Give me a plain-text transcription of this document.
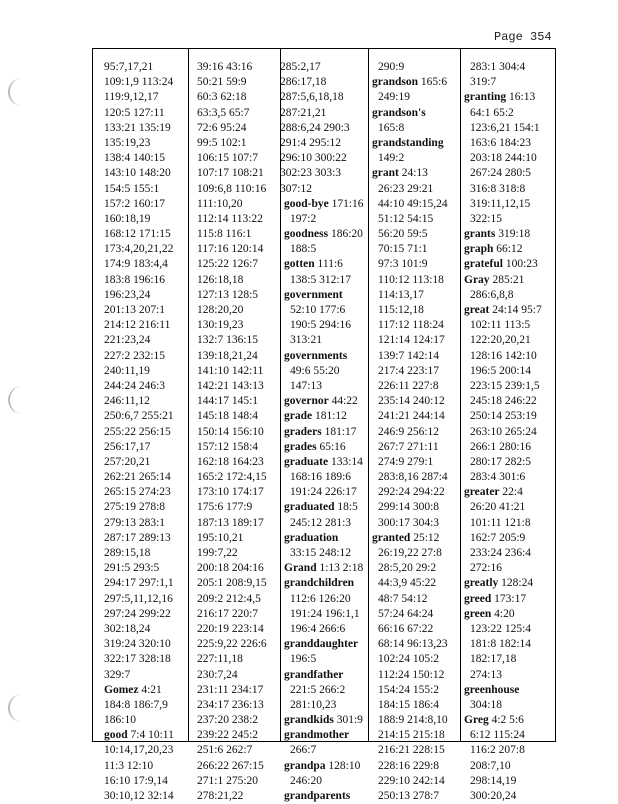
Page 354
95:7,17,21
109:1,9 113:24
119:9,12,17
120:5 127:11
133:21 135:19
135:19,23
138:4 140:15
143:10 148:20
154:5 155:1
157:2 160:17
160:18,19
168:12 171:15
173:4,20,21,22
174:9 183:4,4
183:8 196:16
196:23,24
201:13 207:1
214:12 216:11
221:23,24
227:2 232:15
240:11,19
244:24 246:3
246:11,12
250:6,7 255:21
255:22 256:15
256:17,17
257:20,21
262:21 265:14
265:15 274:23
275:19 278:8
279:13 283:1
287:17 289:13
289:15,18
291:5 293:5
294:17 297:1,1
297:5,11,12,16
297:24 299:22
302:18,24
319:24 320:10
322:17 328:18
329:7
Gomez 4:21
184:8 186:7,9
186:10
good 7:4 10:11
10:14,17,20,23
11:3 12:10
16:10 17:9,14
30:10,12 32:14
39:16 43:16
50:21 59:9
60:3 62:18
63:3,5 65:7
72:6 95:24
99:5 102:1
106:15 107:7
107:17 108:21
109:6,8 110:16
111:10,20
112:14 113:22
115:8 116:1
117:16 120:14
125:22 126:7
126:18,18
127:13 128:5
128:20,20
130:19,23
132:7 136:15
139:18,21,24
141:10 142:11
142:21 143:13
144:17 145:1
145:18 148:4
150:14 156:10
157:12 158:4
162:18 164:23
165:2 172:4,15
173:10 174:17
175:6 177:9
187:13 189:17
195:10,21
199:7,22
200:18 204:16
205:1 208:9,15
209:2 212:4,5
216:17 220:7
220:19 223:14
225:9,22 226:6
227:11,18
230:7,24
231:11 234:17
234:17 236:13
237:20 238:2
239:22 245:2
251:6 262:7
266:22 267:15
271:1 275:20
278:21,22
285:2,17
286:17,18
287:5,6,18,18
287:21,21
288:6,24 290:3
291:4 295:12
296:10 300:22
302:23 303:3
307:12
good-bye 171:16
197:2
goodness 186:20
188:5
gotten 111:6
138:5 312:17
government
52:10 177:6
190:5 294:16
313:21
governments
49:6 55:20
147:13
governor 44:22
grade 181:12
graders 181:17
grades 65:16
graduate 133:14
168:16 189:6
191:24 226:17
graduated 18:5
245:12 281:3
graduation
33:15 248:12
Grand 1:13 2:18
grandchildren
112:6 126:20
191:24 196:1,1
196:4 266:6
granddaughter
196:5
grandfather
221:5 266:2
281:10,23
grandkids 301:9
grandmother
266:7
grandpa 128:10
246:20
grandparents
290:9
grandson 165:6
249:19
grandson's
165:8
grandstanding
149:2
grant 24:13
26:23 29:21
44:10 49:15,24
51:12 54:15
56:20 59:5
70:15 71:1
97:3 101:9
110:12 113:18
114:13,17
115:12,18
117:12 118:24
121:14 124:17
139:7 142:14
217:4 223:17
226:11 227:8
235:14 240:12
241:21 244:14
246:9 256:12
267:7 271:11
274:9 279:1
283:8,16 287:4
292:24 294:22
299:14 300:8
300:17 304:3
granted 25:12
26:19,22 27:8
28:5,20 29:2
44:3,9 45:22
48:7 54:12
57:24 64:24
66:16 67:22
68:14 96:13,23
102:24 105:2
112:24 150:12
154:24 155:2
184:15 186:4
188:9 214:8,10
214:15 215:18
216:21 228:15
228:16 229:8
229:10 242:14
250:13 278:7
283:1 304:4
319:7
granting 16:13
64:1 65:2
123:6,21 154:1
163:6 184:23
203:18 244:10
267:24 280:5
316:8 318:8
319:11,12,15
322:15
grants 319:18
graph 66:12
grateful 100:23
Gray 285:21
286:6,8,8
great 24:14 95:7
102:11 113:5
122:20,20,21
128:16 142:10
196:5 200:14
223:15 239:1,5
245:18 246:22
250:14 253:19
263:10 265:24
266:1 280:16
280:17 282:5
283:4 301:6
greater 22:4
26:20 41:21
101:11 121:8
162:7 205:9
233:24 236:4
272:16
greatly 128:24
greed 173:17
green 4:20
123:22 125:4
181:8 182:14
182:17,18
274:13
greenhouse
304:18
Greg 4:2 5:6
6:12 115:24
116:2 207:8
208:7,10
298:14,19
300:20,24
